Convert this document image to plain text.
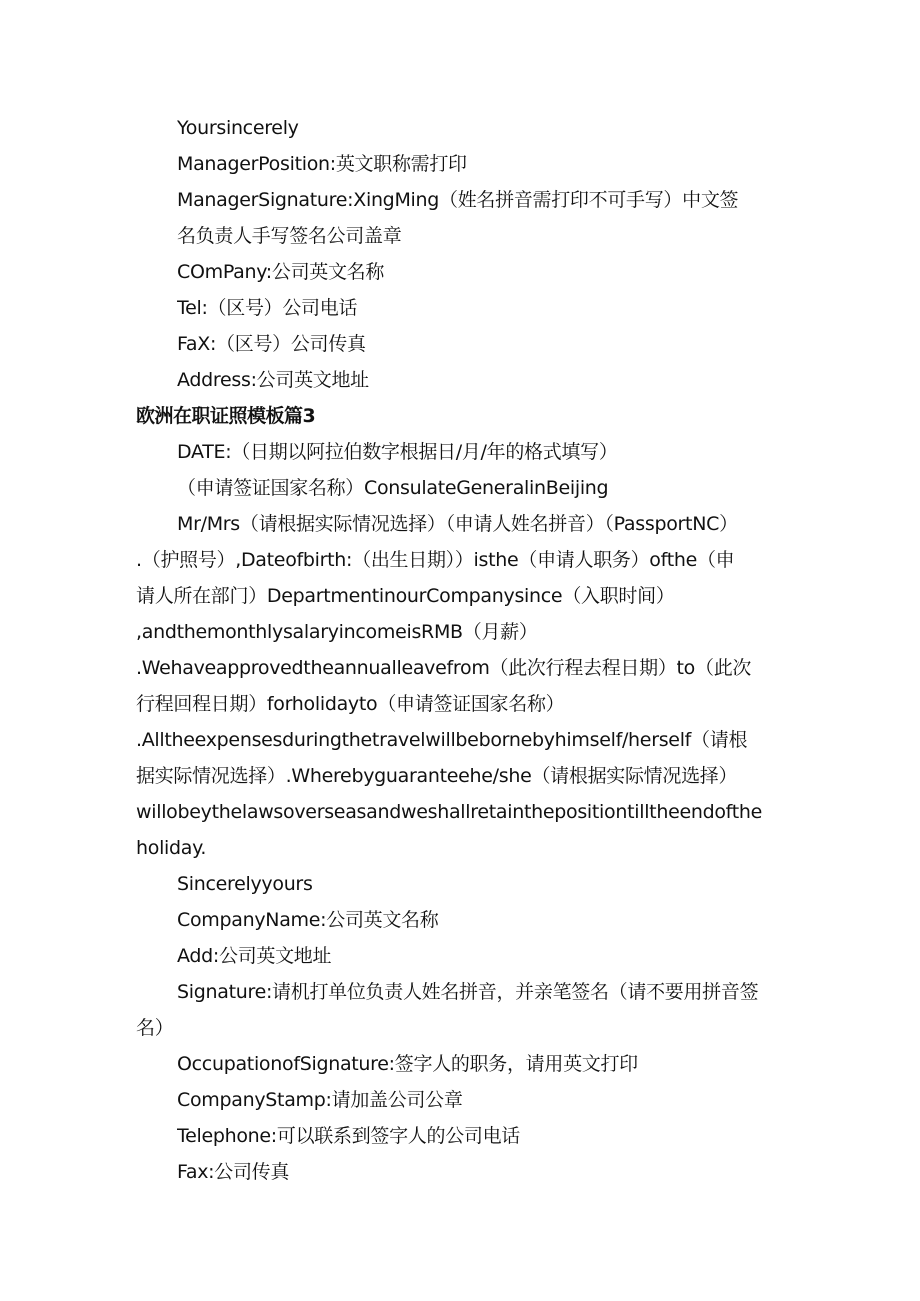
Yoursincerely
ManagerPosition:英文职称需打印
ManagerSignature:XingMing（姓名拼音需打印不可手写）中文签
名负责人手写签名公司盖章
COmPany:公司英文名称
Tel:（区号）公司电话
FaX:（区号）公司传真
Address:公司英文地址
欧洲在职证照模板篇3
DATE:（日期以阿拉伯数字根据日/月/年的格式填写）
（申请签证国家名称）ConsulateGeneralinBeijing
Mr/Mrs（请根据实际情况选择）（申请人姓名拼音）（PassportNC）
.（护照号）,Dateofbirth:（出生日期））isthe（申请人职务）ofthe（申
请人所在部门）DepartmentinourCompanysince（入职时间）
,andthemonthlysalaryincomeisRMB（月薪）
.Wehaveapprovedtheannualleavefrom（此次行程去程日期）to（此次
行程回程日期）forholidayto（申请签证国家名称）
.Alltheexpensesduringthetravelwillbebornebyhimself/herself（请根
据实际情况选择）.Wherebyguaranteehe/she（请根据实际情况选择）
willobeythelawsoverseasandweshallretainthepositiontilltheendofthe
holiday.
Sincerelyyours
CompanyName:公司英文名称
Add:公司英文地址
Signature:请机打单位负责人姓名拼音，并亲笔签名（请不要用拼音签
名）
OccupationofSignature:签字人的职务，请用英文打印
CompanyStamp:请加盖公司公章
Telephone:可以联系到签字人的公司电话
Fax:公司传真
